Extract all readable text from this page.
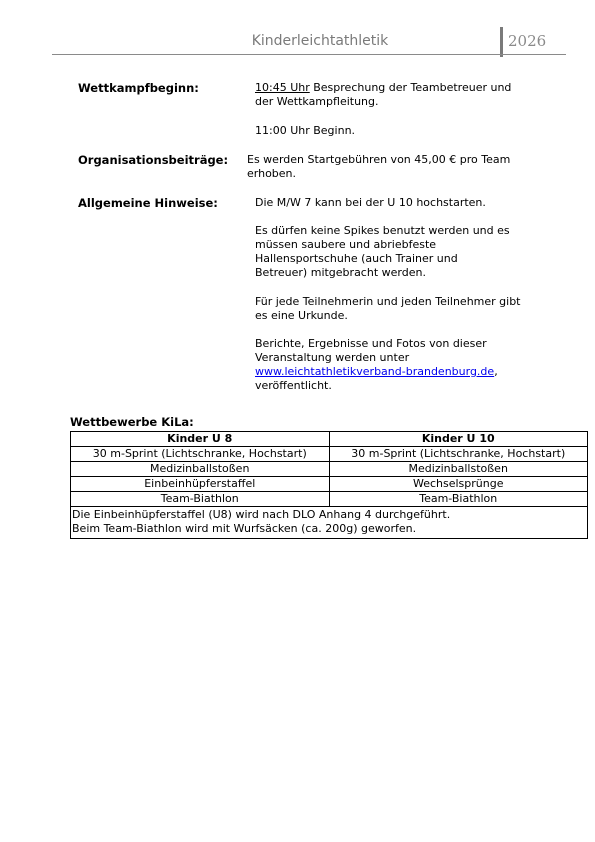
Kinderleichtathletik	2026
Wettkampfbeginn:	10:45 Uhr Besprechung der Teambetreuer und
der Wettkampfleitung.
11:00 Uhr Beginn.
Organisationsbeiträge: Es werden Startgebühren von 45,00 € pro Team
erhoben.
Allgemeine Hinweise:	Die M/W 7 kann bei der U 10 hochstarten.
Es dürfen keine Spikes benutzt werden und es
müssen saubere und abriebfeste
Hallensportschuhe (auch Trainer und
Betreuer) mitgebracht werden.
Für jede Teilnehmerin und jeden Teilnehmer gibt
es eine Urkunde.
Berichte, Ergebnisse und Fotos von dieser
Veranstaltung werden unter
www.leichtathletikverband-brandenburg.de,
veröffentlicht.
Wettbewerbe KiLa:
Kinder U 8	Kinder U 10
30 m-Sprint (Lichtschranke, Hochstart)	30 m-Sprint (Lichtschranke, Hochstart)
Medizinballstoßen	Medizinballstoßen
Einbeinhüpferstaffel	Wechselsprünge
Team-Biathlon	Team-Biathlon

Die Einbeinhüpferstaffel (U8) wird nach DLO Anhang 4 durchgeführt.
Beim Team-Biathlon wird mit Wurfsäcken (ca. 200g) geworfen.	
